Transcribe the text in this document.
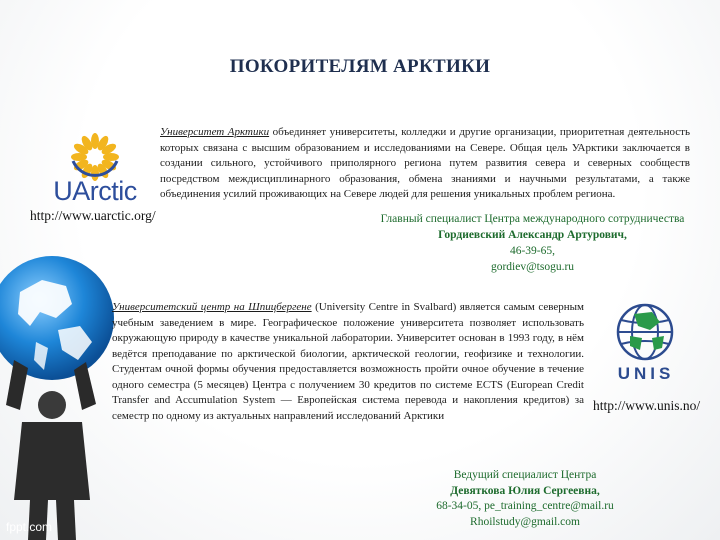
ПОКОРИТЕЛЯМ АРКТИКИ
UArctic
http://www.uarctic.org/
Университет Арктики объединяет университеты, колледжи и другие организации, приоритетная деятельность которых связана с высшим образованием и исследованиями на Севере. Общая цель УАрктики заключается в создании сильного, устойчивого приполярного региона путем развития севера и северных сообществ посредством междисциплинарного образования, обмена знаниями и научными результатами, а также объединения усилий проживающих на Севере людей для решения уникальных проблем региона.
Главный специалист Центра международного сотрудничества
Гордиевский Александр Артурович,
46-39-65,
gordiev@tsogu.ru
Университетский центр на Шпицбергене (University Centre in Svalbard) является самым северным учебным заведением в мире. Географическое положение университета позволяет использовать окружающую природу в качестве уникальной лаборатории. Университет основан в 1993 году, в нём ведётся преподавание по арктической биологии, арктической геологии, геофизике и технологии. Студентам очной формы обучения предоставляется возможность пройти очное обучение в течение одного семестра (5 месяцев) Центра с получением 30 кредитов по системе ECTS (European Credit Transfer and Accumulation System — Европейская система перевода и накопления кредитов) за семестр по одному из актуальных направлений исследований Арктики
UNIS
http://www.unis.no/
Ведущий специалист Центра
Девяткова Юлия Сергеевна,
68-34-05, pe_training_centre@mail.ru
Rhoilstudy@gmail.com
fppt.com
